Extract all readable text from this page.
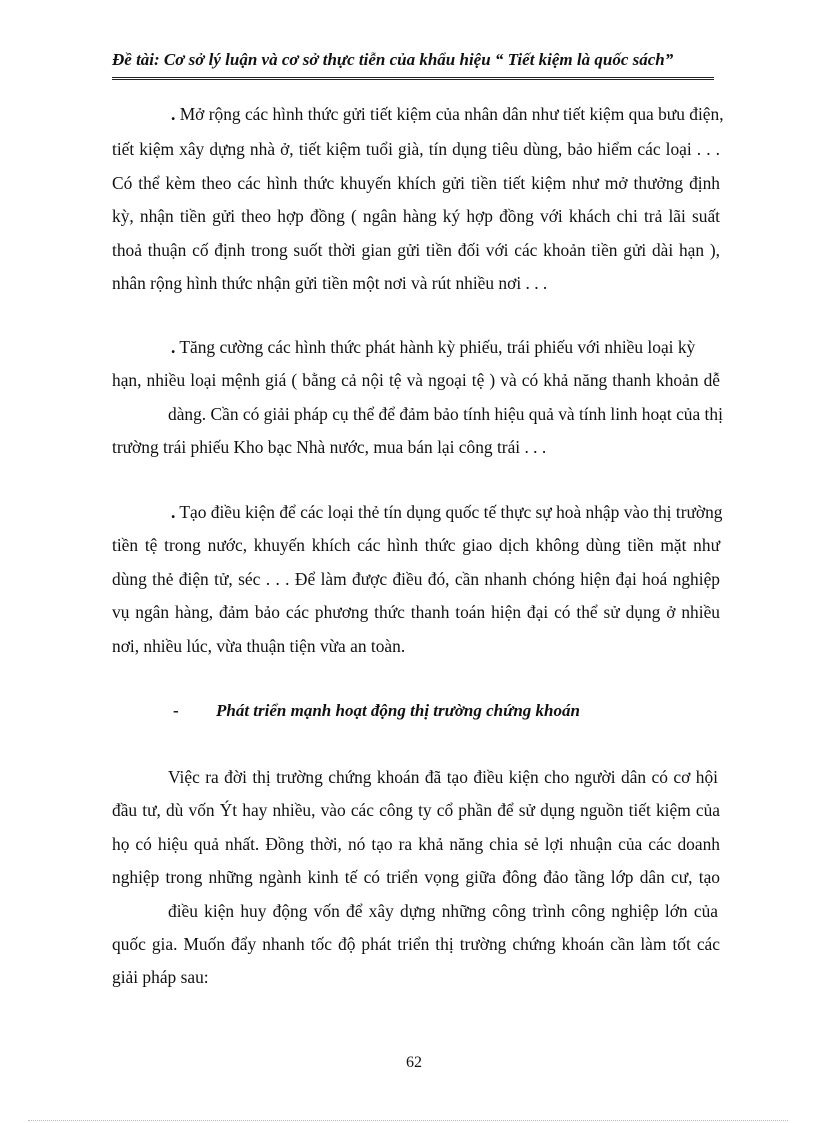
Đề tài: Cơ sở lý luận và cơ sở thực tiễn của khẩu hiệu “ Tiết kiệm là quốc sách”
. Mở rộng các hình thức gửi tiết kiệm của nhân dân như tiết kiệm qua bưu điện,
tiết kiệm xây dựng nhà ở, tiết kiệm tuổi già, tín dụng tiêu dùng, bảo hiểm các loại . . .
Có thể kèm theo các hình thức khuyến khích gửi tiền tiết kiệm như mở thưởng định
kỳ, nhận tiền gửi theo hợp đồng ( ngân hàng ký hợp đồng với khách chi trả lãi suất
thoả thuận cố định trong suốt thời gian gửi tiền đối với các khoản tiền gửi dài hạn ),
nhân rộng hình thức nhận gửi tiền một nơi và rút nhiều nơi . . .
. Tăng cường các hình thức phát hành kỳ phiếu, trái phiếu với nhiều loại kỳ
hạn, nhiều loại mệnh giá ( bằng cả nội tệ và ngoại tệ ) và có khả năng thanh khoản dễ
dàng. Cần có giải pháp cụ thể để đảm bảo tính hiệu quả và tính linh hoạt của thị
trường trái phiếu Kho bạc Nhà nước, mua bán lại công trái . . .
. Tạo điều kiện để các loại thẻ tín dụng quốc tế thực sự hoà nhập vào thị trường
tiền tệ trong nước, khuyến khích các hình thức giao dịch không dùng tiền mặt như
dùng thẻ điện tử, séc . . . Để làm được điều đó, cần nhanh chóng hiện đại hoá nghiệp
vụ ngân hàng, đảm bảo các phương thức thanh toán hiện đại có thể sử dụng ở nhiều
nơi, nhiều lúc, vừa thuận tiện vừa an toàn.
- Phát triển mạnh hoạt động thị trường chứng khoán
Việc ra đời thị trường chứng khoán đã tạo điều kiện cho người dân có cơ hội
đầu tư, dù vốn Ýt hay nhiều, vào các công ty cổ phần để sử dụng nguồn tiết kiệm của
họ có hiệu quả nhất. Đồng thời, nó tạo ra khả năng chia sẻ lợi nhuận của các doanh
nghiệp trong những ngành kinh tế có triển vọng giữa đông đảo tầng lớp dân cư, tạo
điều kiện huy động vốn để xây dựng những công trình công nghiệp lớn của
quốc gia. Muốn đẩy nhanh tốc độ phát triển thị trường chứng khoán cần làm tốt các
giải pháp sau:
62
